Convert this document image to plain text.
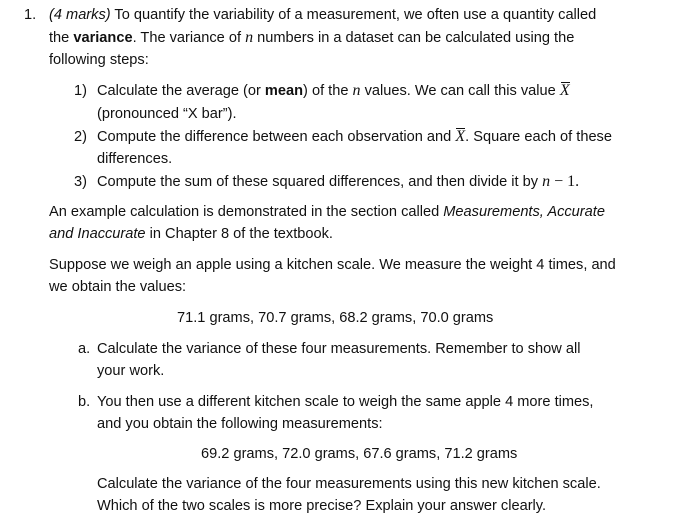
1. (4 marks) To quantify the variability of a measurement, we often use a quantity called
the variance. The variance of n numbers in a dataset can be calculated using the
following steps:
1) Calculate the average (or mean) of the n values. We can call this value X
(pronounced “X bar”).
2) Compute the difference between each observation and X. Square each of these
differences.
3) Compute the sum of these squared differences, and then divide it by n − 1.
An example calculation is demonstrated in the section called Measurements, Accurate
and Inaccurate in Chapter 8 of the textbook.
Suppose we weigh an apple using a kitchen scale. We measure the weight 4 times, and
we obtain the values:
71.1 grams, 70.7 grams, 68.2 grams, 70.0 grams
a. Calculate the variance of these four measurements. Remember to show all
your work.
b. You then use a different kitchen scale to weigh the same apple 4 more times,
and you obtain the following measurements:
69.2 grams, 72.0 grams, 67.6 grams, 71.2 grams
Calculate the variance of the four measurements using this new kitchen scale.
Which of the two scales is more precise? Explain your answer clearly.
